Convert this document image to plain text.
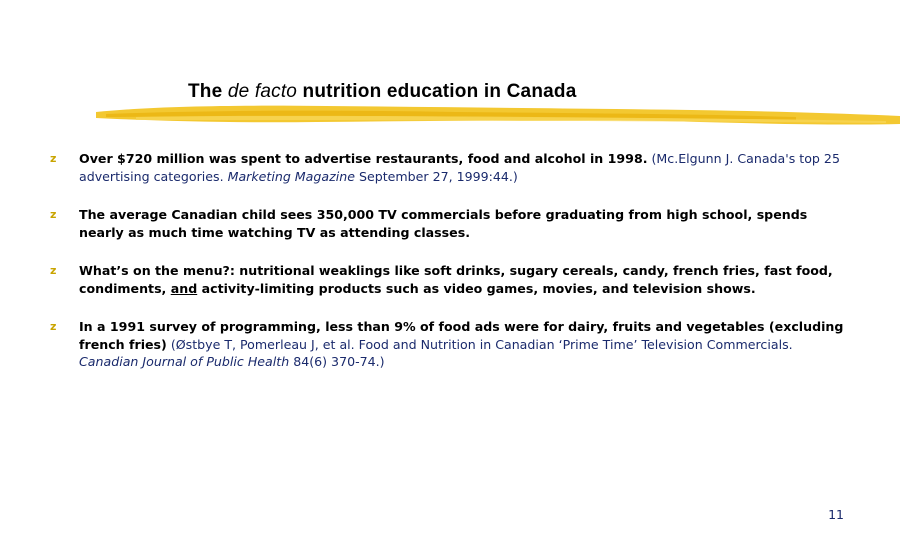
The de facto nutrition education in Canada
z Over $720 million was spent to advertise restaurants, food and alcohol in 1998. (Mc.Elgunn J. Canada's top 25 advertising categories. Marketing Magazine September 27, 1999:44.)
z The average Canadian child sees 350,000 TV commercials before graduating from high school, spends nearly as much time watching TV as attending classes.
z What’s on the menu?: nutritional weaklings like soft drinks, sugary cereals, candy, french fries, fast food, condiments, and activity-limiting products such as video games, movies, and television shows.
z In a 1991 survey of programming, less than 9% of food ads were for dairy, fruits and vegetables (excluding french fries) (Østbye T, Pomerleau J, et al. Food and Nutrition in Canadian ‘Prime Time’ Television Commercials. Canadian Journal of Public Health 84(6) 370-74.)
11
